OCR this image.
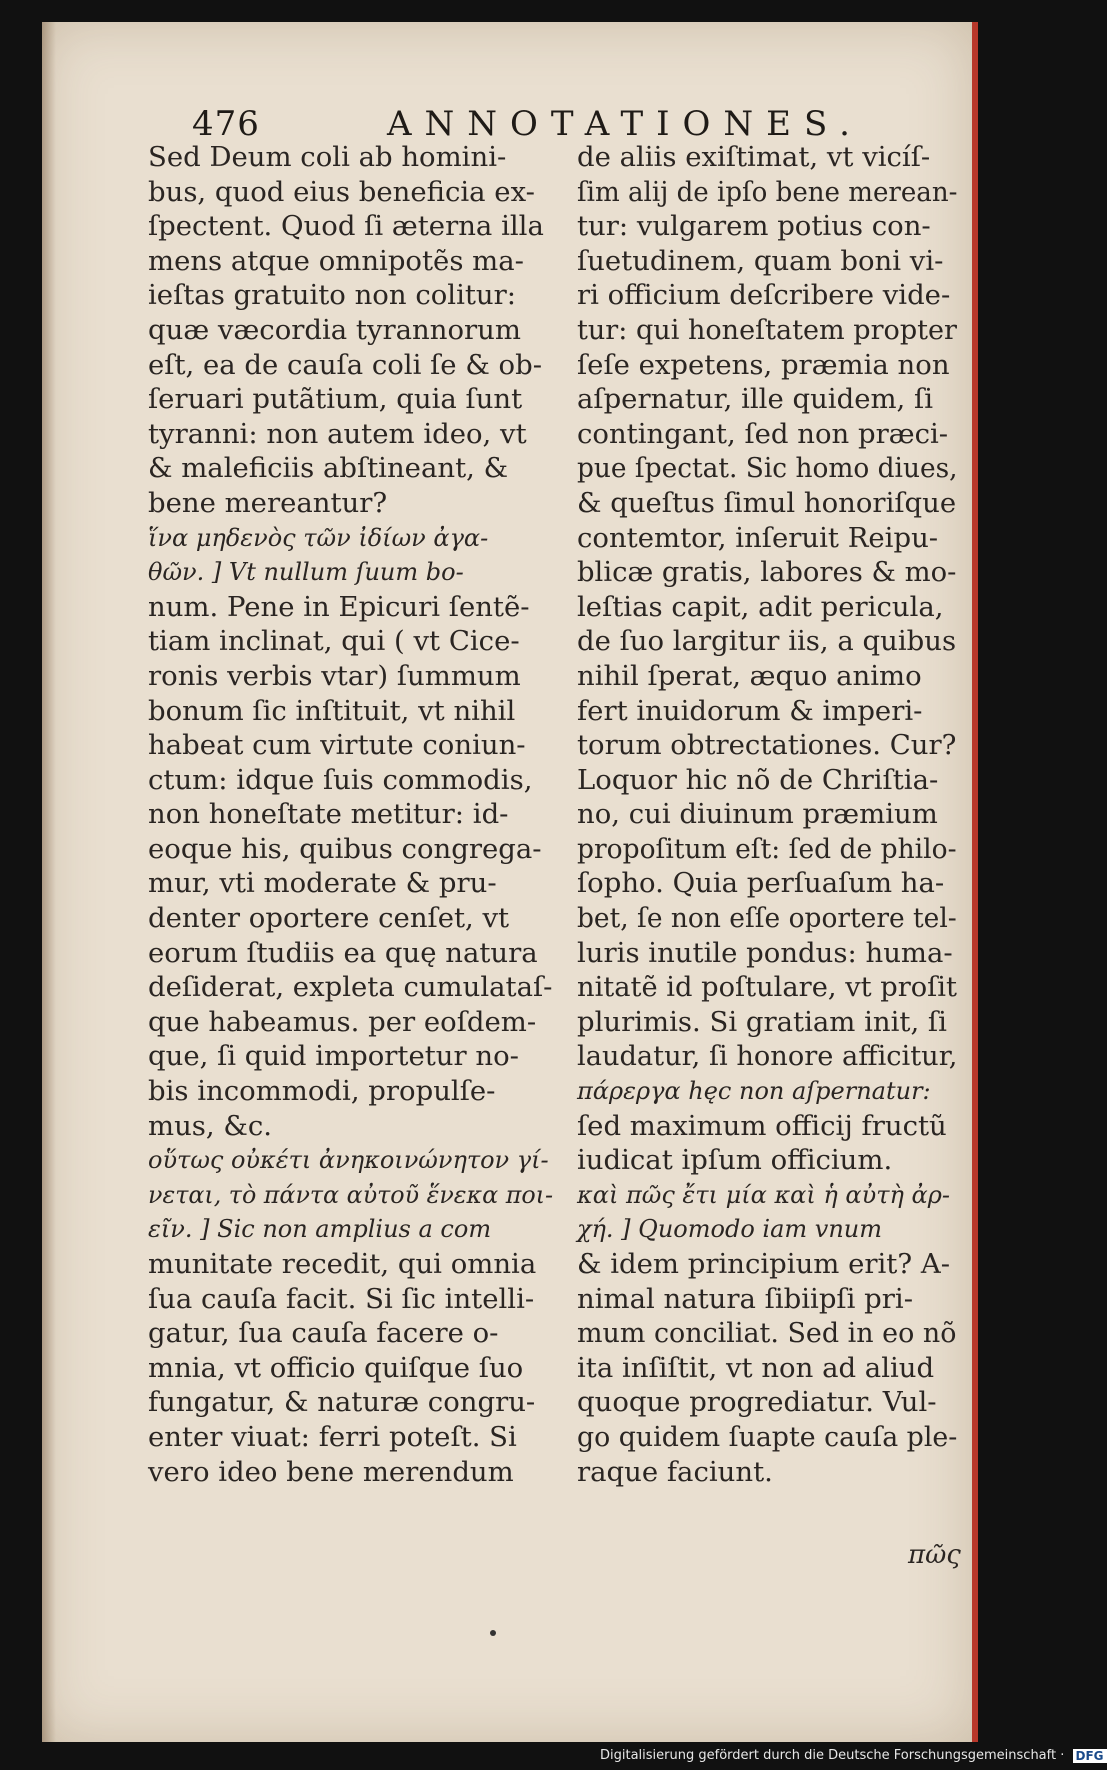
476	ANNOTATIONES.
Sed Deum coli ab homini-
bus, quod eius beneficia ex-
ſpectent. Quod ſi æterna illa
mens atque omnipotẽs ma-
ieſtas gratuito non colitur:
quæ væcordia tyrannorum
eſt, ea de cauſa coli ſe & ob-
ſeruari putãtium, quia ſunt
tyranni: non autem ideo, vt
& maleficiis abſtineant, &
bene mereantur?
ἵνα μηδενὸς τῶν ἰδίων ἀγα-
θῶν. ] Vt nullum ſuum bo-
num. Pene in Epicuri ſentẽ-
tiam inclinat, qui ( vt Cice-
ronis verbis vtar) ſummum
bonum ſic inſtituit, vt nihil
habeat cum virtute coniun-
ctum: idque ſuis commodis,
non honeſtate metitur: id-
eoque his, quibus congrega-
mur, vti moderate & pru-
denter oportere cenſet, vt
eorum ſtudiis ea quę natura
deſiderat, expleta cumulataſ-
que habeamus. per eoſdem-
que, ſi quid importetur no-
bis incommodi, propulſe-
mus, &c.
οὕτως οὐκέτι ἀνηκοινώνητον γί-
νεται, τὸ πάντα αὐτοῦ ἕνεκα ποι-
εῖν. ] Sic non amplius a com
munitate recedit, qui omnia
ſua cauſa facit. Si ſic intelli-
gatur, ſua cauſa facere o-
mnia, vt officio quiſque ſuo
fungatur, & naturæ congru-
enter viuat: ferri poteſt. Si
vero ideo bene merendum
de aliis exiſtimat, vt vicíſ-
ſim alij de ipſo bene merean-
tur: vulgarem potius con-
ſuetudinem, quam boni vi-
ri officium deſcribere vide-
tur: qui honeſtatem propter
ſeſe expetens, præmia non
aſpernatur, ille quidem, ſi
contingant, ſed non præci-
pue ſpectat. Sic homo diues,
& queſtus ſimul honoriſque
contemtor, inſeruit Reipu-
blicæ gratis, labores & mo-
leſtias capit, adit pericula,
de ſuo largitur iis, a quibus
nihil ſperat, æquo animo
fert inuidorum & imperi-
torum obtrectationes. Cur?
Loquor hic nõ de Chriſtia-
no, cui diuinum præmium
propoſitum eſt: ſed de philo-
ſopho. Quia perſuaſum ha-
bet, ſe non eſſe oportere tel-
luris inutile pondus: huma-
nitatẽ id poſtulare, vt proſit
plurimis. Si gratiam init, ſi
laudatur, ſi honore afficitur,
πάρεργα hęc non aſpernatur:
ſed maximum officij fructũ
iudicat ipſum officium.
καὶ πῶς ἔτι μία καὶ ἡ αὐτὴ ἀρ-
χή. ] Quomodo iam vnum
& idem principium erit? A-
nimal natura ſibiipſi pri-
mum conciliat. Sed in eo nõ
ita inſiſtit, vt non ad aliud
quoque progrediatur. Vul-
go quidem ſuapte cauſa ple-
raque faciunt.
πῶς
Digitalisierung gefördert durch die Deutsche Forschungsgemeinschaft · DFG
